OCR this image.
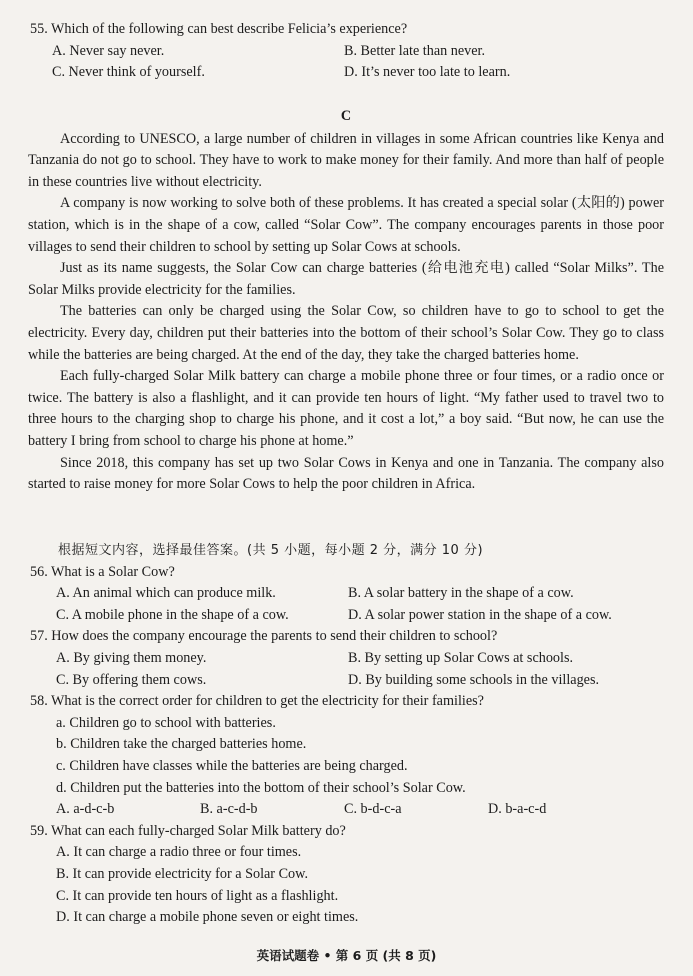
55. Which of the following can best describe Felicia’s experience?
A. Never say never.	B. Better late than never.
C. Never think of yourself.	D. It’s never too late to learn.
C

According to UNESCO, a large number of children in villages in some African countries like Kenya and Tanzania do not go to school. They have to work to make money for their family. And more than half of people in these countries live without electricity.

A company is now working to solve both of these problems. It has created a special solar (太阳的) power station, which is in the shape of a cow, called “Solar Cow”. The company encourages parents in those poor villages to send their children to school by setting up Solar Cows at schools.

Just as its name suggests, the Solar Cow can charge batteries (给电池充电) called “Solar Milks”. The Solar Milks provide electricity for the families.

The batteries can only be charged using the Solar Cow, so children have to go to school to get the electricity. Every day, children put their batteries into the bottom of their school’s Solar Cow. They go to class while the batteries are being charged. At the end of the day, they take the charged batteries home.

Each fully-charged Solar Milk battery can charge a mobile phone three or four times, or a radio once or twice. The battery is also a flashlight, and it can provide ten hours of light. “My father used to travel two to three hours to the charging shop to charge his phone, and it cost a lot,” a boy said. “But now, he can use the battery I bring from school to charge his phone at home.”

Since 2018, this company has set up two Solar Cows in Kenya and one in Tanzania. The company also started to raise money for more Solar Cows to help the poor children in Africa.

根据短文内容，选择最佳答案。(共 5 小题，每小题 2 分，满分 10 分)
56. What is a Solar Cow?
A. An animal which can produce milk.	B. A solar battery in the shape of a cow.
C. A mobile phone in the shape of a cow.	D. A solar power station in the shape of a cow.
57. How does the company encourage the parents to send their children to school?
A. By giving them money.	B. By setting up Solar Cows at schools.
C. By offering them cows.	D. By building some schools in the villages.
58. What is the correct order for children to get the electricity for their families?
a. Children go to school with batteries.
b. Children take the charged batteries home.
c. Children have classes while the batteries are being charged.
d. Children put the batteries into the bottom of their school’s Solar Cow.
A. a-d-c-b	B. a-c-d-b	C. b-d-c-a	D. b-a-c-d
59. What can each fully-charged Solar Milk battery do?
A. It can charge a radio three or four times.
B. It can provide electricity for a Solar Cow.
C. It can provide ten hours of light as a flashlight.
D. It can charge a mobile phone seven or eight times.
英语试题卷 • 第 6 页 (共 8 页)
